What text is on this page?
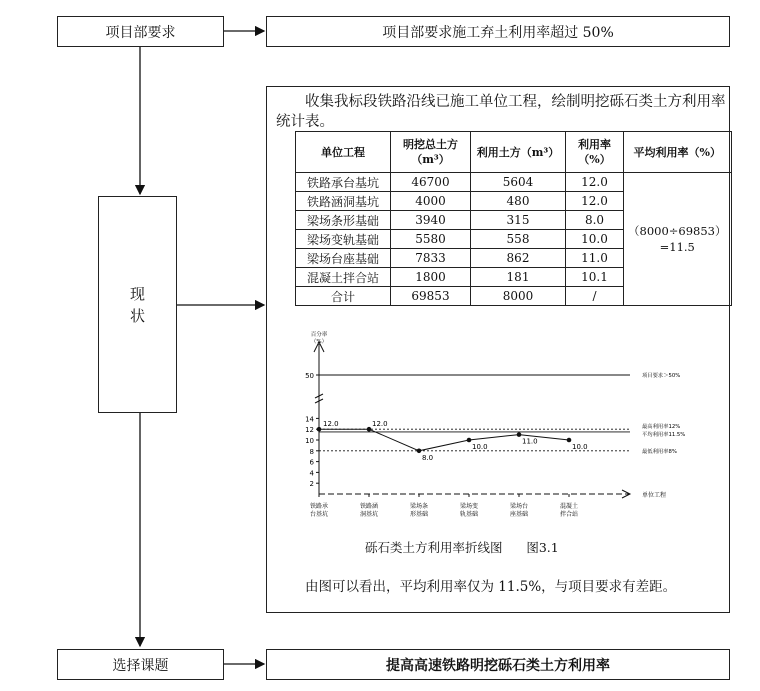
项目部要求
现
状
选择课题
项目部要求施工弃土利用率超过 50%
收集我标段铁路沿线已施工单位工程，绘制明挖砾石类土方利用率统计表。
单位工程	明挖总土方（m³）	利用土方（m³）	利用率（%）	平均利用率（%）
铁路承台基坑	46700	5604	12.0	（8000÷69853）=11.5
铁路涵洞基坑	4000	480	12.0	
梁场条形基础	3940	315	8.0	
梁场变轨基础	5580	558	10.0	
梁场台座基础	7833	862	11.0	
混凝土拌合站	1800	181	10.1	
合计	69853	8000	/	
百分率（%）
单位工程
2
4
6
8
10
12
14
50	项目要求＞50%
最高利用率12%
平均利用率11.5%
最低利用率8%
12.0	12.0
8.0
10.0
11.0
10.0
铁路承台基坑
铁路涵洞基坑
梁场条形基础
梁场变轨基础
梁场台座基础
混凝土拌合站
砾石类土方利用率折线图      图3.1
由图可以看出，平均利用率仅为 11.5%，与项目要求有差距。
提高高速铁路明挖砾石类土方利用率
